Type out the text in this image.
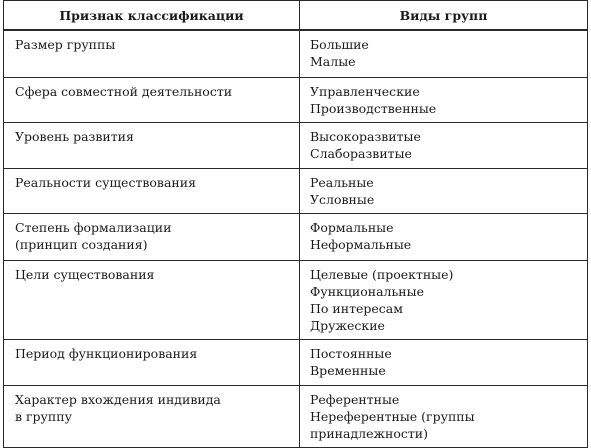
Признак классификации	Виды групп

Размер группы	Большие
Малые

Сфера совместной деятельности	Управленческие
Производственные

Уровень развития	Высокоразвитые
Слаборазвитые

Реальности существования	Реальные
Условные

Степень формализации
(принцип создания)	Формальные
Неформальные

Цели существования	Целевые (проектные)
Функциональные
По интересам
Дружеские

Период функционирования	Постоянные
Временные

Характер вхождения индивида
в группу	Референтные
Нереферентные (группы
принадлежности)
